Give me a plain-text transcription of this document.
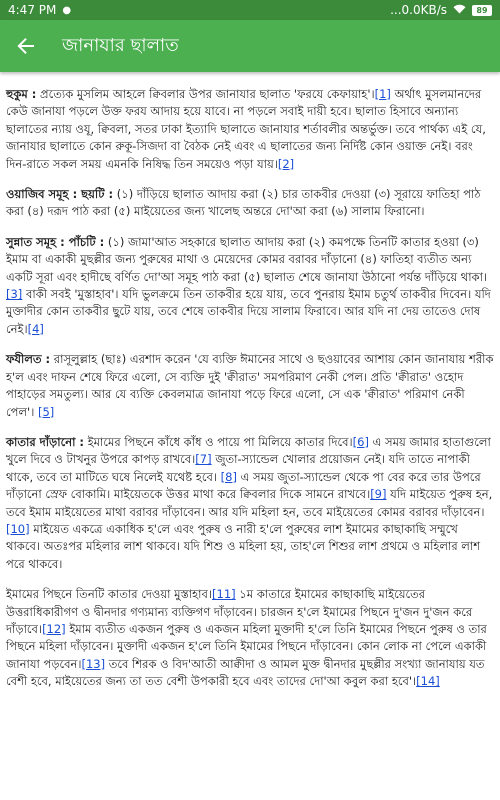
4:47 PM ●	...0.0KB/s	89
জানাযার ছালাত

হুকুম : প্রত্যেক মুসলিম আহলে ক্বিবলার উপর জানাযার ছালাত 'ফরযে কেফায়াহ'।[1] অর্থাৎ মুসলমানদের কেউ জানাযা পড়লে উক্ত ফরয আদায় হয়ে যাবে। না পড়লে সবাই দায়ী হবে। ছালাত হিসাবে অন্যান্য ছালাতের ন্যায় ওযূ, ক্বিবলা, সতর ঢাকা ইত্যাদি ছালাতে জানাযার শর্তাবলীর অন্তর্ভুক্ত। তবে পার্থক্য এই যে, জানাযার ছালাতে কোন রুকূ-সিজদা বা বৈঠক নেই এবং এ ছালাতের জন্য নির্দিষ্ট কোন ওয়াক্ত নেই। বরং দিন-রাতে সকল সময় এমনকি নিষিদ্ধ তিন সময়েও পড়া যায়।[2]

ওয়াজিব সমূহ : ছয়টি : (১) দাঁড়িয়ে ছালাত আদায় করা (২) চার তাকবীর দেওয়া (৩) সূরায়ে ফাতিহা পাঠ করা (৪) দরূদ পাঠ করা (৫) মাইয়েতের জন্য খালেছ অন্তরে দো'আ করা (৬) সালাম ফিরানো।

সুন্নাত সমূহ : পাঁচটি : (১) জামা'আত সহকারে ছালাত আদায় করা (২) কমপক্ষে তিনটি কাতার হওয়া (৩) ইমাম বা একাকী মুছল্লীর জন্য পুরুষের মাথা ও মেয়েদের কোমর বরাবর দাঁড়ানো (৪) ফাতিহা ব্যতীত অন্য একটি সূরা এবং হাদীছে বর্ণিত দো'আ সমূহ পাঠ করা (৫) ছালাত শেষে জানাযা উঠানো পর্যন্ত দাঁড়িয়ে থাকা। [3] বাকী সবই 'মুস্তাহাব'। যদি ভুলক্রমে তিন তাকবীর হয়ে যায়, তবে পুনরায় ইমাম চতুর্থ তাকবীর দিবেন। যদি মুক্তাদীর কোন তাকবীর ছুটে যায়, তবে শেষে তাকবীর দিয়ে সালাম ফিরাবে। আর যদি না দেয় তাতেও দোষ নেই।[4]

ফযীলত : রাসূলুল্লাহ (ছাঃ) এরশাদ করেন 'যে ব্যক্তি ঈমানের সাথে ও ছওয়াবের আশায় কোন জানাযায় শরীক হ'ল এবং দাফন শেষে ফিরে এলো, সে ব্যক্তি দুই 'ক্বীরাত' সমপরিমাণ নেকী পেল। প্রতি 'ক্বীরাত' ওহোদ পাহাড়ের সমতুল্য। আর যে ব্যক্তি কেবলমাত্র জানাযা পড়ে ফিরে এলো, সে এক 'ক্বীরাত' পরিমাণ নেকী পেল'। [5]

কাতার দাঁড়ানো : ইমামের পিছনে কাঁধে কাঁধ ও পায়ে পা মিলিয়ে কাতার দিবে।[6] এ সময় জামার হাতাগুলো খুলে দিবে ও টাখনুর উপরে কাপড় রাখবে।[7] জুতা-স্যান্ডেল খোলার প্রয়োজন নেই। যদি তাতে নাপাকী থাকে, তবে তা মাটিতে ঘষে নিলেই যথেষ্ট হবে। [8] এ সময় জুতা-স্যান্ডেল থেকে পা বের করে তার উপরে দাঁড়ানো স্রেফ বোকামি। মাইয়েতকে উত্তর মাথা করে ক্বিবলার দিকে সামনে রাখবে।[9] যদি মাইয়েত পুরুষ হন, তবে ইমাম মাইয়েতের মাথা বরাবর দাঁড়াবেন। আর যদি মহিলা হন, তবে মাইয়েতের কোমর বরাবর দাঁড়াবেন।[10] মাইয়েত একত্রে একাধিক হ'লে এবং পুরুষ ও নারী হ'লে পুরুষের লাশ ইমামের কাছাকাছি সম্মুখে থাকবে। অতঃপর মহিলার লাশ থাকবে। যদি শিশু ও মহিলা হয়, তাহ'লে শিশুর লাশ প্রথমে ও মহিলার লাশ পরে থাকবে।

ইমামের পিছনে তিনটি কাতার দেওয়া মুস্তাহাব।[11] ১ম কাতারে ইমামের কাছাকাছি মাইয়েতের উত্তরাধিকারীগণ ও দ্বীনদার গণ্যমান্য ব্যক্তিগণ দাঁড়াবেন। চারজন হ'লে ইমামের পিছনে দু'জন দু'জন করে দাঁড়াবে।[12] ইমাম ব্যতীত একজন পুরুষ ও একজন মহিলা মুক্তাদী হ'লে তিনি ইমামের পিছনে পুরুষ ও তার পিছনে মহিলা দাঁড়াবেন। মুক্তাদী একজন হ'লে তিনি ইমামের পিছনে দাঁড়াবেন। কোন লোক না পেলে একাকী জানাযা পড়বেন।[13] তবে শিরক ও বিদ'আতী আক্বীদা ও আমল মুক্ত দ্বীনদার মুছল্লীর সংখ্যা জানাযায় যত বেশী হবে, মাইয়েতের জন্য তা তত বেশী উপকারী হবে এবং তাদের দো'আ কবুল করা হবে'।[14]
